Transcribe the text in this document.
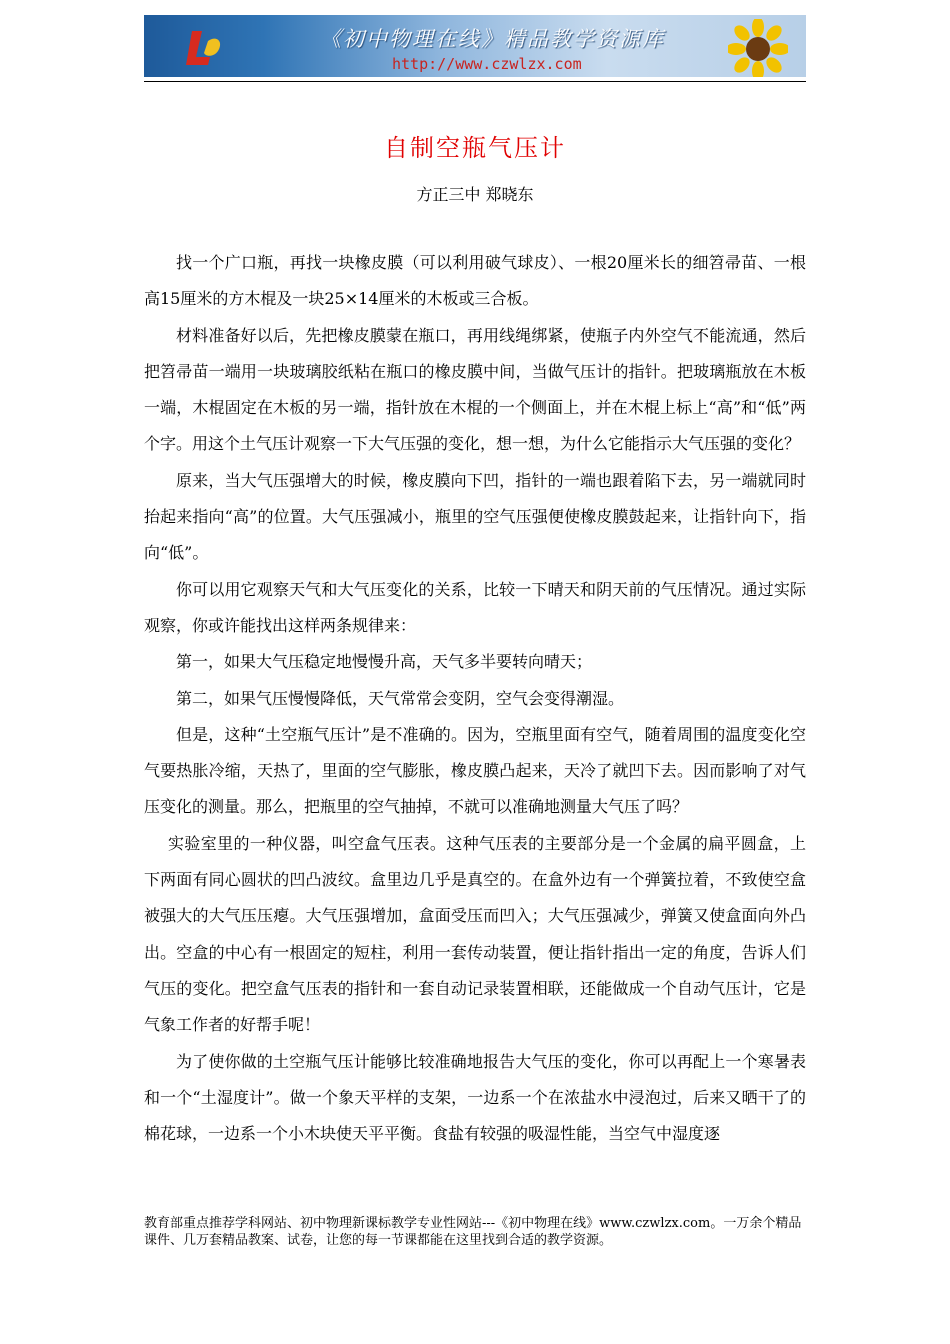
《初中物理在线》精品教学资源库
http://www.czwlzx.com
自制空瓶气压计
方正三中 郑晓东

找一个广口瓶，再找一块橡皮膜（可以利用破气球皮）、一根20厘米长的细笤帚苗、一根高15厘米的方木棍及一块25×14厘米的木板或三合板。

材料准备好以后，先把橡皮膜蒙在瓶口，再用线绳绑紧，使瓶子内外空气不能流通，然后把笤帚苗一端用一块玻璃胶纸粘在瓶口的橡皮膜中间，当做气压计的指针。把玻璃瓶放在木板一端，木棍固定在木板的另一端，指针放在木棍的一个侧面上，并在木棍上标上“高”和“低”两个字。用这个土气压计观察一下大气压强的变化，想一想，为什么它能指示大气压强的变化？

原来，当大气压强增大的时候，橡皮膜向下凹，指针的一端也跟着陷下去，另一端就同时抬起来指向“高”的位置。大气压强减小，瓶里的空气压强便使橡皮膜鼓起来，让指针向下，指向“低”。

你可以用它观察天气和大气压变化的关系，比较一下晴天和阴天前的气压情况。通过实际观察，你或许能找出这样两条规律来：

第一，如果大气压稳定地慢慢升高，天气多半要转向晴天；

第二，如果气压慢慢降低，天气常常会变阴，空气会变得潮湿。

但是，这种“土空瓶气压计”是不准确的。因为，空瓶里面有空气，随着周围的温度变化空气要热胀冷缩，天热了，里面的空气膨胀，橡皮膜凸起来，天冷了就凹下去。因而影响了对气压变化的测量。那么，把瓶里的空气抽掉，不就可以准确地测量大气压了吗？

实验室里的一种仪器，叫空盒气压表。这种气压表的主要部分是一个金属的扁平圆盒，上下两面有同心圆状的凹凸波纹。盒里边几乎是真空的。在盒外边有一个弹簧拉着，不致使空盒被强大的大气压压瘪。大气压强增加，盒面受压而凹入；大气压强减少，弹簧又使盒面向外凸出。空盒的中心有一根固定的短柱，利用一套传动装置，便让指针指出一定的角度，告诉人们气压的变化。把空盒气压表的指针和一套自动记录装置相联，还能做成一个自动气压计，它是气象工作者的好帮手呢！

为了使你做的土空瓶气压计能够比较准确地报告大气压的变化，你可以再配上一个寒暑表和一个“土湿度计”。做一个象天平样的支架，一边系一个在浓盐水中浸泡过，后来又晒干了的棉花球，一边系一个小木块使天平平衡。食盐有较强的吸湿性能，当空气中湿度逐

教育部重点推荐学科网站、初中物理新课标教学专业性网站---《初中物理在线》www.czwlzx.com。一万余个精品课件、几万套精品教案、试卷，让您的每一节课都能在这里找到合适的教学资源。
